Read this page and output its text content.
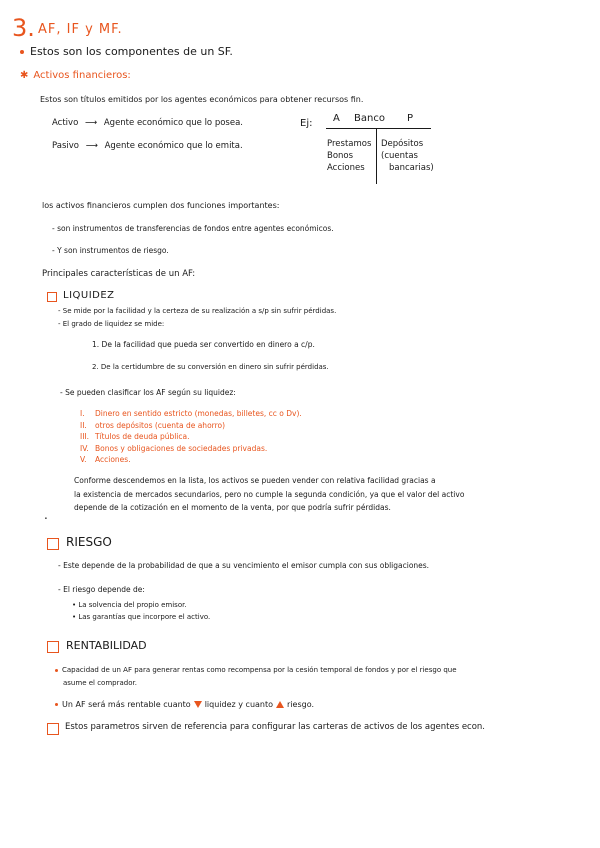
3. AF, IF y MF.
Estos son los componentes de un SF.
✱ Activos financieros:
Estos son títulos emitidos por los agentes económicos para obtener recursos fin.
Activo ⟶ Agente económico que lo posea.
Pasivo ⟶ Agente económico que lo emita.
Ej: A Banco P
Prestamos
Bonos
Acciones
Depósitos
(cuentas
bancarias)
los activos financieros cumplen dos funciones importantes:
- son instrumentos de transferencias de fondos entre agentes económicos.
- Y son instrumentos de riesgo.
Principales características de un AF:
LIQUIDEZ
- Se mide por la facilidad y la certeza de su realización a s/p sin sufrir pérdidas.
- El grado de liquidez se mide:
1. De la facilidad que pueda ser convertido en dinero a c/p.
2. De la certidumbre de su conversión en dinero sin sufrir pérdidas.
- Se pueden clasificar los AF según su liquidez:
I. Dinero en sentido estricto (monedas, billetes, cc o Dv).
II. otros depósitos (cuenta de ahorro)
III. Títulos de deuda pública.
IV. Bonos y obligaciones de sociedades privadas.
V. Acciones.
Conforme descendemos en la lista, los activos se pueden vender con relativa facilidad gracias a
la existencia de mercados secundarios, pero no cumple la segunda condición, ya que el valor del activo
depende de la cotización en el momento de la venta, por que podría sufrir pérdidas.
.
RIESGO
- Este depende de la probabilidad de que a su vencimiento el emisor cumpla con sus obligaciones.
- El riesgo depende de:
• La solvencia del propio emisor.
• Las garantías que incorpore el activo.
RENTABILIDAD
Capacidad de un AF para generar rentas como recompensa por la cesión temporal de fondos y por el riesgo que
asume el comprador.
Un AF será más rentable cuanto liquidez y cuanto riesgo.
Estos parametros sirven de referencia para configurar las carteras de activos de los agentes econ.
